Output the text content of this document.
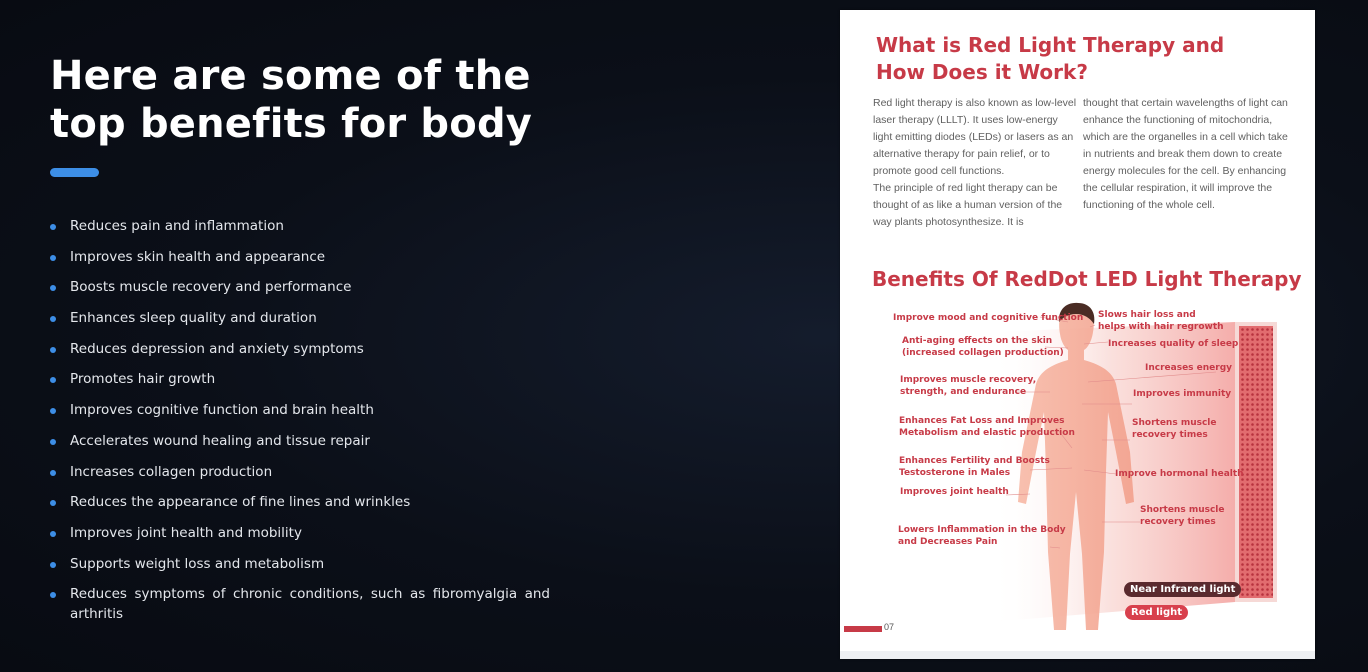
Here are some of the
top benefits for body
Reduces pain and inflammation
Improves skin health and appearance
Boosts muscle recovery and performance
Enhances sleep quality and duration
Reduces depression and anxiety symptoms
Promotes hair growth
Improves cognitive function and brain health
Accelerates wound healing and tissue repair
Increases collagen production
Reduces the appearance of fine lines and wrinkles
Improves joint health and mobility
Supports weight loss and metabolism
Reduces symptoms of chronic conditions, such as fibromyalgia and arthritis
What is Red Light Therapy and
How Does it Work?

Red light therapy is also known as low-level laser therapy (LLLT). It uses low-energy light emitting diodes (LEDs) or lasers as an alternative therapy for pain relief, or to promote good cell functions.

The principle of red light therapy can be thought of as like a human version of the way plants photosynthesize. It is

thought that certain wavelengths of light can enhance the functioning of mitochondria, which are the organelles in a cell which take in nutrients and break them down to create energy molecules for the cell. By enhancing the cellular respiration, it will improve the functioning of the whole cell.

Benefits Of RedDot LED Light Therapy
Improve mood and cognitive function Slows hair loss and
helps with hair regrowth
Anti-aging effects on the skin
(increased collagen production)
Increases quality of sleep
Increases energy
Improves muscle recovery,
strength, and endurance	Improves immunity
Enhances Fat Loss and Improves
Metabolism and elastic production
Shortens muscle
recovery times
Enhances Fertility and Boosts
Testosterone in Males	Improve hormonal health
Improves joint health
Shortens muscle
recovery times
Lowers Inflammation in the Body
and Decreases Pain
Near Infrared light
Red light
07
